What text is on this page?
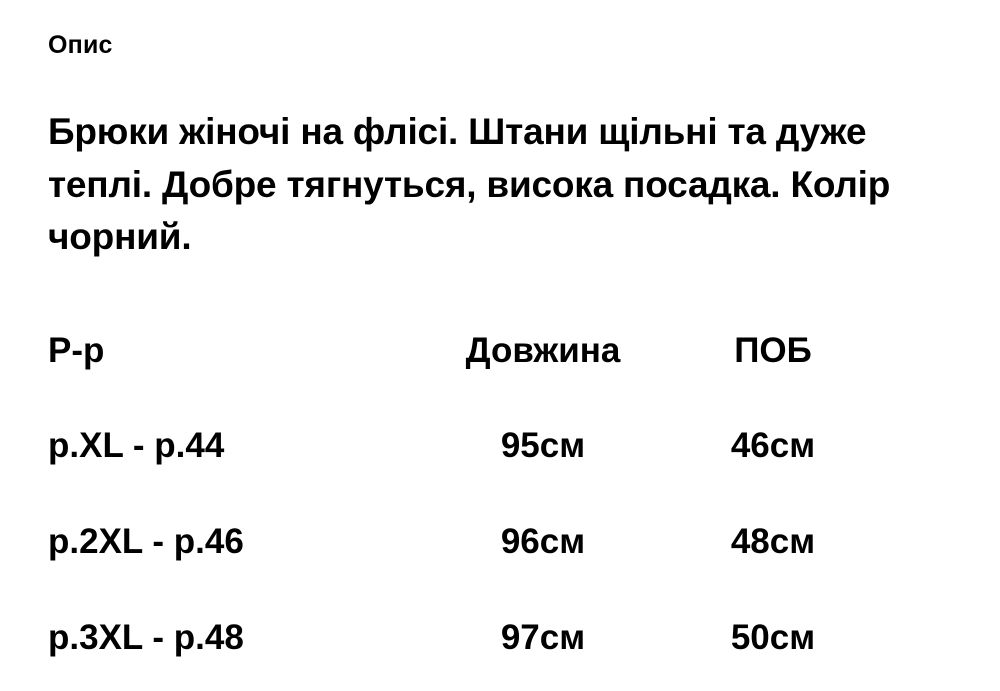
Опис
Брюки жіночі на флісі. Штани щільні та дуже теплі. Добре тягнуться, висока посадка. Колір чорний.
Р-р	Довжина	ПОБ
р.XL - р.44	95см	46см
р.2XL - р.46	96см	48см
р.3XL - р.48	97см	50см
